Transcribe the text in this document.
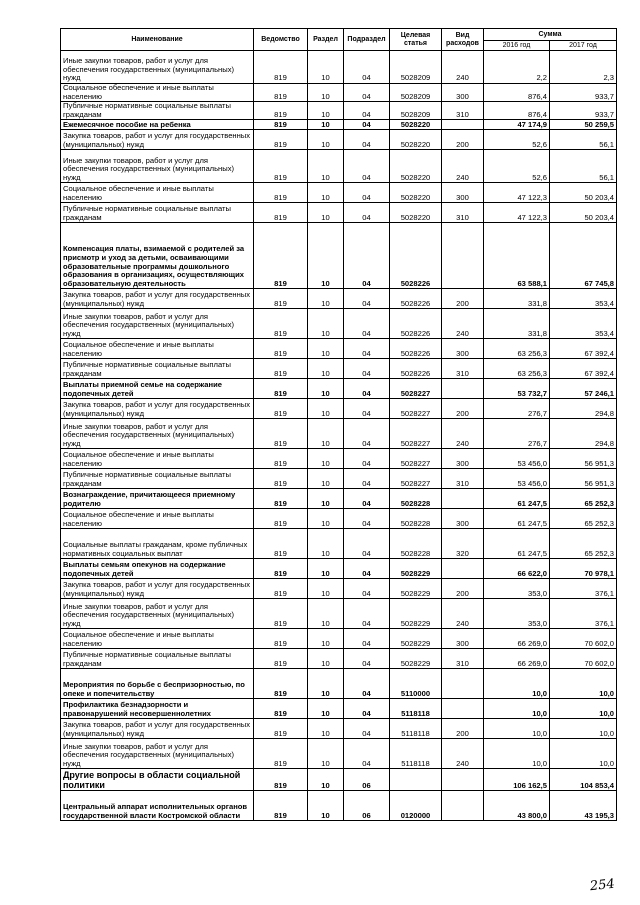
Наименование	Ведомство	Раздел	Подраздел	Целевая статья	Вид расходов	Сумма	
						2016 год	2017 год
Иные закупки товаров, работ и услуг для обеспечения государственных (муниципальных) нужд	819	10	04	5028209	240	2,2	2,3
Социальное обеспечение и иные выплаты населению	819	10	04	5028209	300	876,4	933,7
Публичные нормативные социальные выплаты гражданам	819	10	04	5028209	310	876,4	933,7
Ежемесячное пособие на ребенка	819	10	04	5028220		47 174,9	50 259,5
Закупка товаров, работ и услуг для государственных (муниципальных) нужд	819	10	04	5028220	200	52,6	56,1
Иные закупки товаров, работ и услуг для обеспечения государственных (муниципальных) нужд	819	10	04	5028220	240	52,6	56,1
Социальное обеспечение и иные выплаты населению	819	10	04	5028220	300	47 122,3	50 203,4
Публичные нормативные социальные выплаты гражданам	819	10	04	5028220	310	47 122,3	50 203,4
Компенсация платы, взимаемой с родителей за присмотр и уход за детьми, осваивающими образовательные программы дошкольного образования в организациях, осуществляющих образовательную деятельность	819	10	04	5028226		63 588,1	67 745,8
Закупка товаров, работ и услуг для государственных (муниципальных) нужд	819	10	04	5028226	200	331,8	353,4
Иные закупки товаров, работ и услуг для обеспечения государственных (муниципальных) нужд	819	10	04	5028226	240	331,8	353,4
Социальное обеспечение и иные выплаты населению	819	10	04	5028226	300	63 256,3	67 392,4
Публичные нормативные социальные выплаты гражданам	819	10	04	5028226	310	63 256,3	67 392,4
Выплаты приемной семье на содержание подопечных детей	819	10	04	5028227		53 732,7	57 246,1
Закупка товаров, работ и услуг для государственных (муниципальных) нужд	819	10	04	5028227	200	276,7	294,8
Иные закупки товаров, работ и услуг для обеспечения государственных (муниципальных) нужд	819	10	04	5028227	240	276,7	294,8
Социальное обеспечение и иные выплаты населению	819	10	04	5028227	300	53 456,0	56 951,3
Публичные нормативные социальные выплаты гражданам	819	10	04	5028227	310	53 456,0	56 951,3
Вознаграждение, причитающееся приемному родителю	819	10	04	5028228		61 247,5	65 252,3
Социальное обеспечение и иные выплаты населению	819	10	04	5028228	300	61 247,5	65 252,3
Социальные выплаты гражданам, кроме публичных нормативных социальных выплат	819	10	04	5028228	320	61 247,5	65 252,3
Выплаты семьям опекунов на содержание подопечных детей	819	10	04	5028229		66 622,0	70 978,1
Закупка товаров, работ и услуг для государственных (муниципальных) нужд	819	10	04	5028229	200	353,0	376,1
Иные закупки товаров, работ и услуг для обеспечения государственных (муниципальных) нужд	819	10	04	5028229	240	353,0	376,1
Социальное обеспечение и иные выплаты населению	819	10	04	5028229	300	66 269,0	70 602,0
Публичные нормативные социальные выплаты гражданам	819	10	04	5028229	310	66 269,0	70 602,0
Мероприятия по борьбе с беспризорностью, по опеке и попечительству	819	10	04	5110000		10,0	10,0
Профилактика безнадзорности и правонарушений несовершеннолетних	819	10	04	5118118		10,0	10,0
Закупка товаров, работ и услуг для государственных (муниципальных) нужд	819	10	04	5118118	200	10,0	10,0
Иные закупки товаров, работ и услуг для обеспечения государственных (муниципальных) нужд	819	10	04	5118118	240	10,0	10,0
Другие вопросы в области социальной политики	819	10	06			106 162,5	104 853,4
Центральный аппарат исполнительных органов государственной власти Костромской области	819	10	06	0120000		43 800,0	43 195,3
254
